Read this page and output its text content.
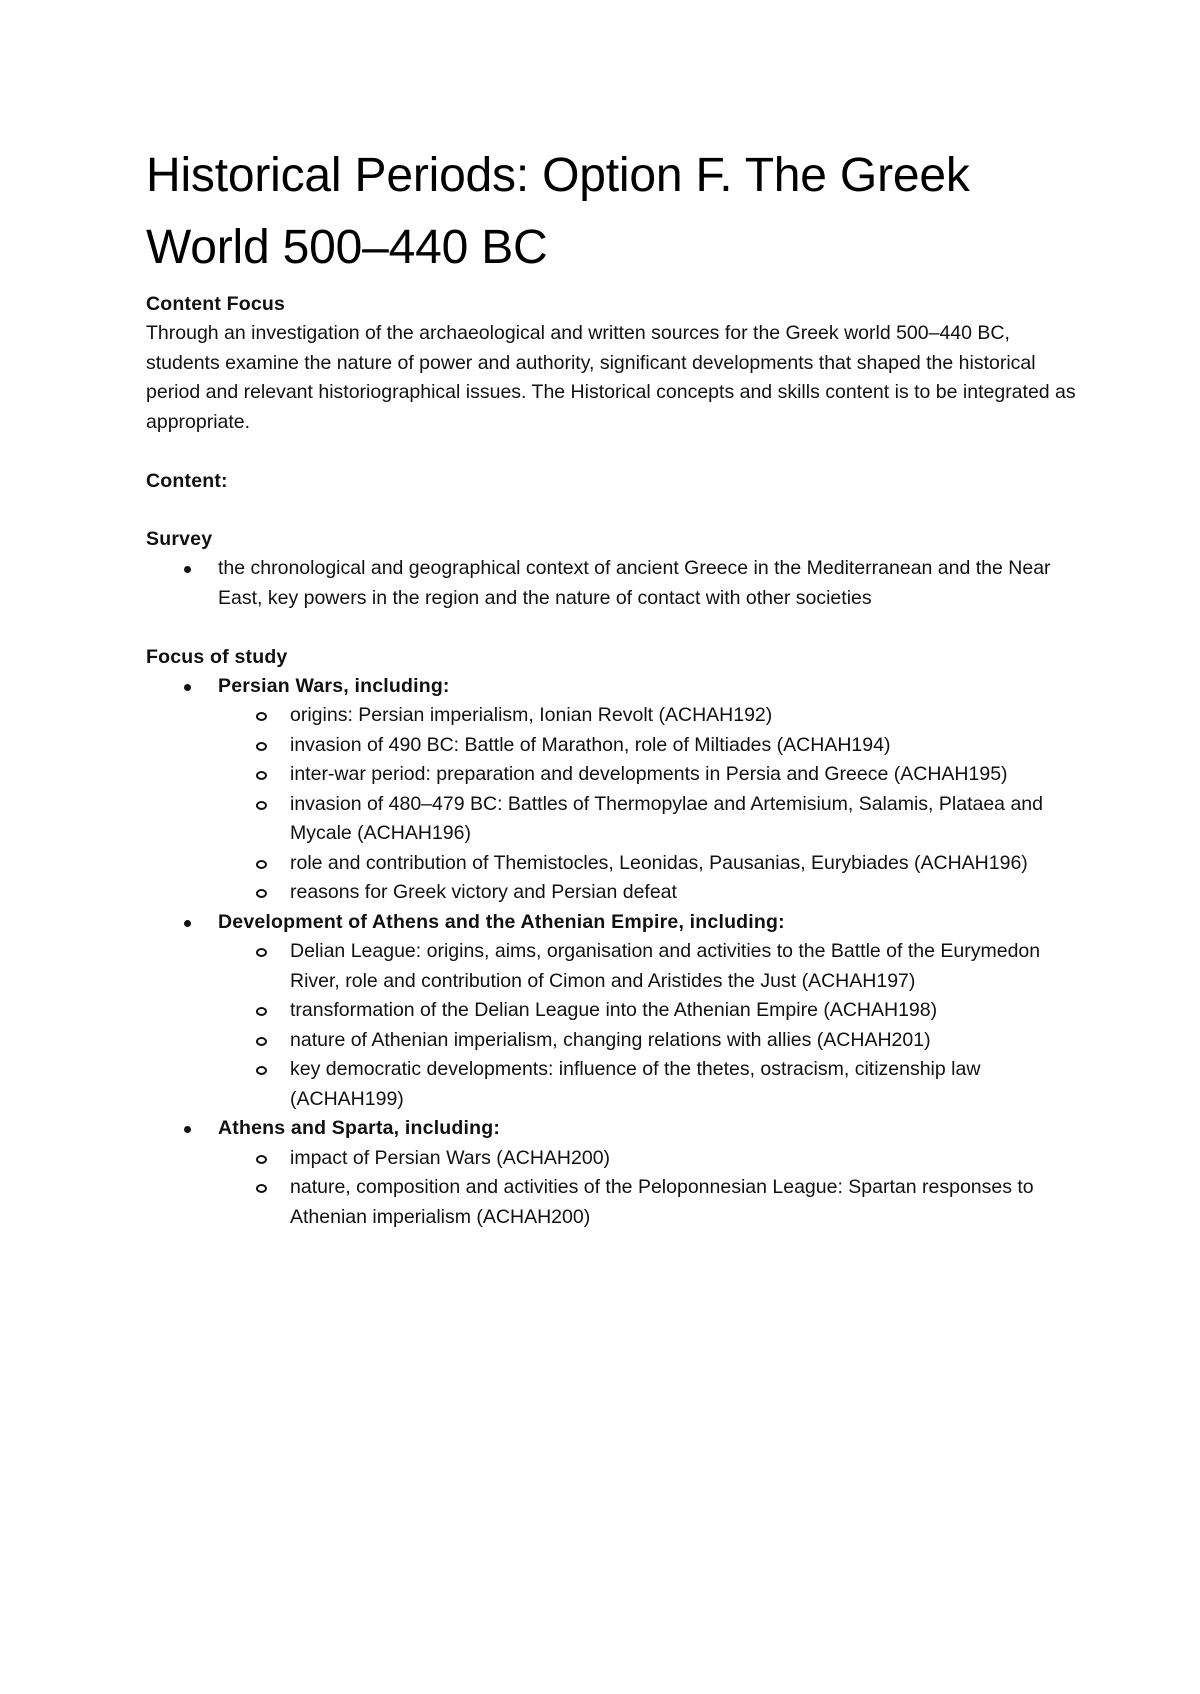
Historical Periods: Option F. The Greek World 500–440 BC

Content Focus

Through an investigation of the archaeological and written sources for the Greek world 500–440 BC, students examine the nature of power and authority, significant developments that shaped the historical period and relevant historiographical issues. The Historical concepts and skills content is to be integrated as appropriate.

Content:

Survey

the chronological and geographical context of ancient Greece in the Mediterranean and the Near East, key powers in the region and the nature of contact with other societies

Focus of study

Persian Wars, including:
origins: Persian imperialism, Ionian Revolt (ACHAH192)
invasion of 490 BC: Battle of Marathon, role of Miltiades (ACHAH194)
inter-war period: preparation and developments in Persia and Greece (ACHAH195)
invasion of 480–479 BC: Battles of Thermopylae and Artemisium, Salamis, Plataea and Mycale (ACHAH196)
role and contribution of Themistocles, Leonidas, Pausanias, Eurybiades (ACHAH196)
reasons for Greek victory and Persian defeat
Development of Athens and the Athenian Empire, including:
Delian League: origins, aims, organisation and activities to the Battle of the Eurymedon River, role and contribution of Cimon and Aristides the Just (ACHAH197)
transformation of the Delian League into the Athenian Empire (ACHAH198)
nature of Athenian imperialism, changing relations with allies (ACHAH201)
key democratic developments: influence of the thetes, ostracism, citizenship law (ACHAH199)
Athens and Sparta, including:
impact of Persian Wars (ACHAH200)
nature, composition and activities of the Peloponnesian League: Spartan responses to Athenian imperialism (ACHAH200)
